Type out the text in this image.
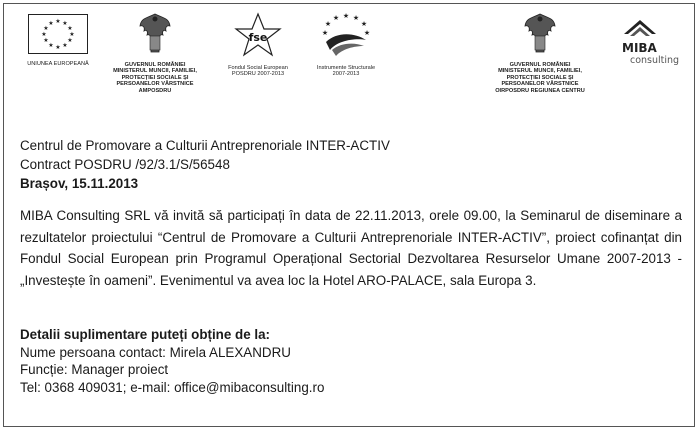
★ ★
★
★
★
★
★
★
★
★
★
★
UNIUNEA EUROPEANĂ	GUVERNUL ROMÂNIEI
MINISTERUL MUNCII, FAMILIEI,
PROTECȚIEI SOCIALE ȘI
PERSOANELOR VÂRSTNICE
AMPOSDRU
fse
Fondul Social European
POSDRU 2007-2013
★ ★
★
★
★
★	★
Instrumente Structurale
2007-2013
GUVERNUL ROMÂNIEI
MINISTERUL MUNCII, FAMILIEI,
PROTECȚIEI SOCIALE ȘI
PERSOANELOR VÂRSTNICE
OIRPOSDRU REGIUNEA CENTRU
MIBA
consulting
Centrul de Promovare a Culturii Antreprenoriale INTER-ACTIV
Contract POSDRU /92/3.1/S/56548
Brașov, 15.11.2013
MIBA Consulting SRL vă invită să participați în data de 22.11.2013, orele 09.00, la Seminarul de diseminare a rezultatelor proiectului “Centrul de Promovare a Culturii Antreprenoriale INTER-ACTIV”, proiect cofinanțat din Fondul Social European prin Programul Operațional Sectorial Dezvoltarea Resurselor Umane 2007-2013 - „Investește în oameni”. Evenimentul va avea loc la Hotel ARO-PALACE, sala Europa 3.
Detalii suplimentare puteți obține de la:
Nume persoana contact: Mirela ALEXANDRU
Funcție: Manager proiect
Tel: 0368 409031; e-mail: office@mibaconsulting.ro
